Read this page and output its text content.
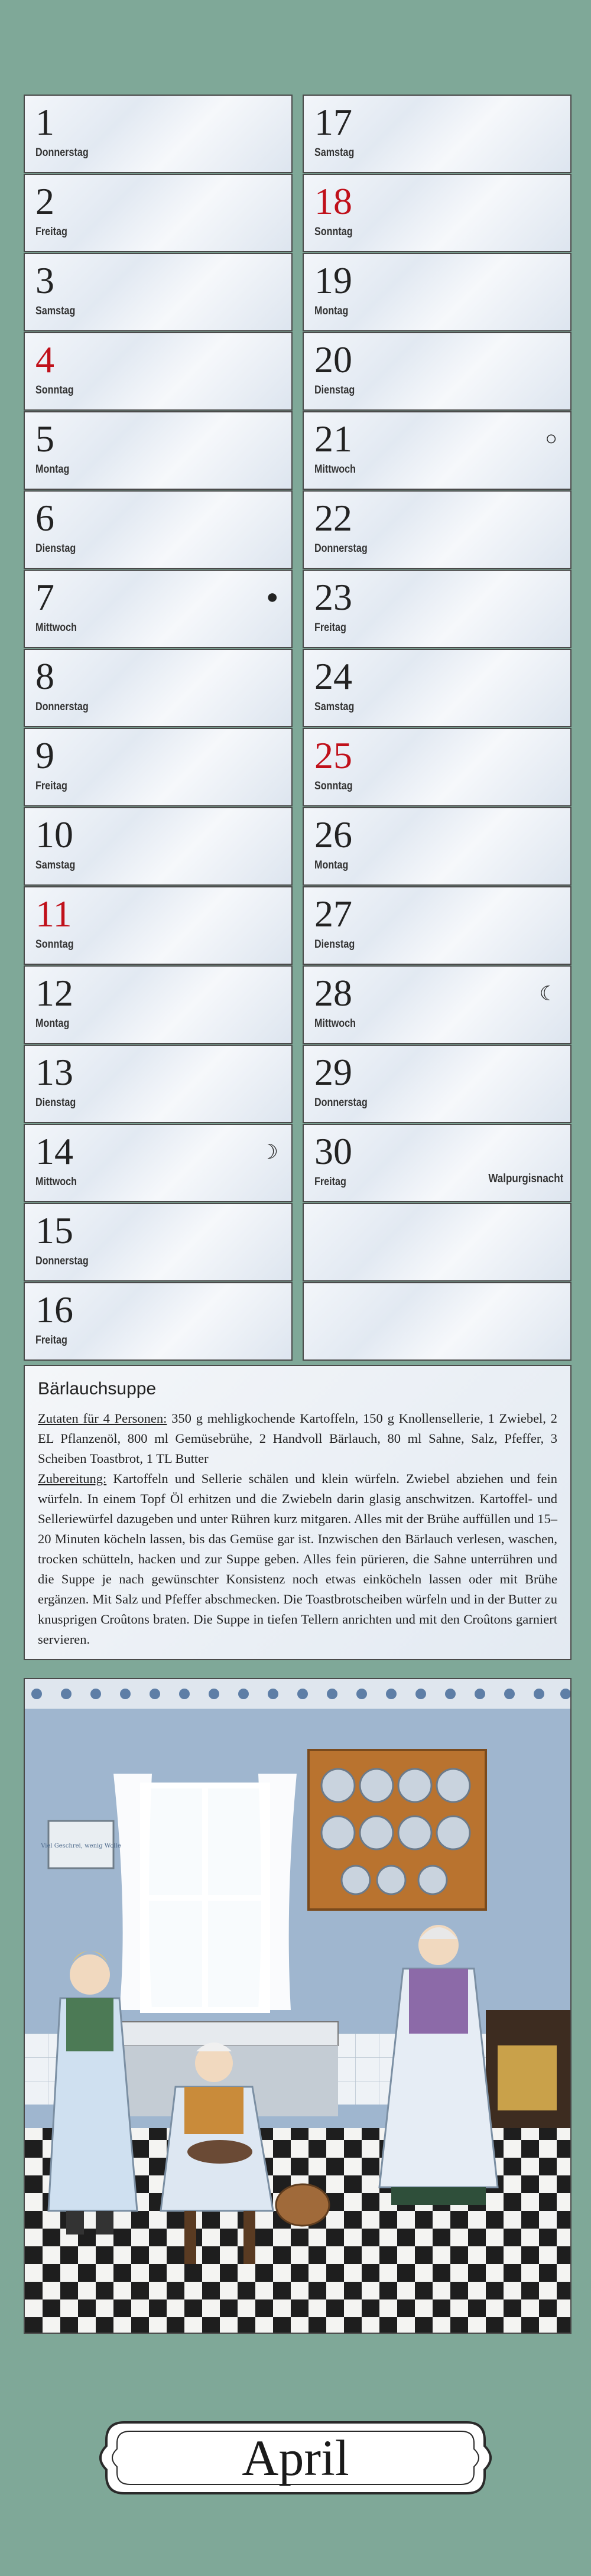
1
Donnerstag
2
Freitag
3
Samstag
4
Sonntag
5
Montag
6
Dienstag
7
Mittwoch
●
8
Donnerstag
9
Freitag
10
Samstag
11
Sonntag
12
Montag
13
Dienstag
14
Mittwoch
☽
15
Donnerstag
16
Freitag
17
Samstag
18
Sonntag
19
Montag
20
Dienstag
21
Mittwoch
○
22
Donnerstag
23
Freitag
24
Samstag
25
Sonntag
26
Montag
27
Dienstag
28
Mittwoch
☾
29
Donnerstag
30
Freitag	Walpurgisnacht
Bärlauchsuppe

Zutaten für 4 Personen: 350 g mehligkochende Kartoffeln, 150 g Knollensellerie, 1 Zwiebel, 2 EL Pflanzenöl, 800 ml Gemüsebrühe, 2 Handvoll Bärlauch, 80 ml Sahne, Salz, Pfeffer, 3 Scheiben Toastbrot, 1 TL Butter
Zubereitung: Kartoffeln und Sellerie schälen und klein würfeln. Zwiebel abziehen und fein würfeln. In einem Topf Öl erhitzen und die Zwiebeln darin glasig anschwitzen. Kartoffel- und Selleriewürfel dazugeben und unter Rühren kurz mitgaren. Alles mit der Brühe auffüllen und 15–20 Minuten köcheln lassen, bis das Gemüse gar ist. Inzwischen den Bärlauch verlesen, waschen, trocken schütteln, hacken und zur Suppe geben. Alles fein pürieren, die Sahne unterrühren und die Suppe je nach gewünschter Konsistenz noch etwas einköcheln lassen oder mit Brühe ergänzen. Mit Salz und Pfeffer abschmecken. Die Toastbrotscheiben würfeln und in der Butter zu knusprigen Croûtons braten. Die Suppe in tiefen Tellern anrichten und mit den Croûtons garniert servieren.

Viel Geschrei, wenig Wolle
April
